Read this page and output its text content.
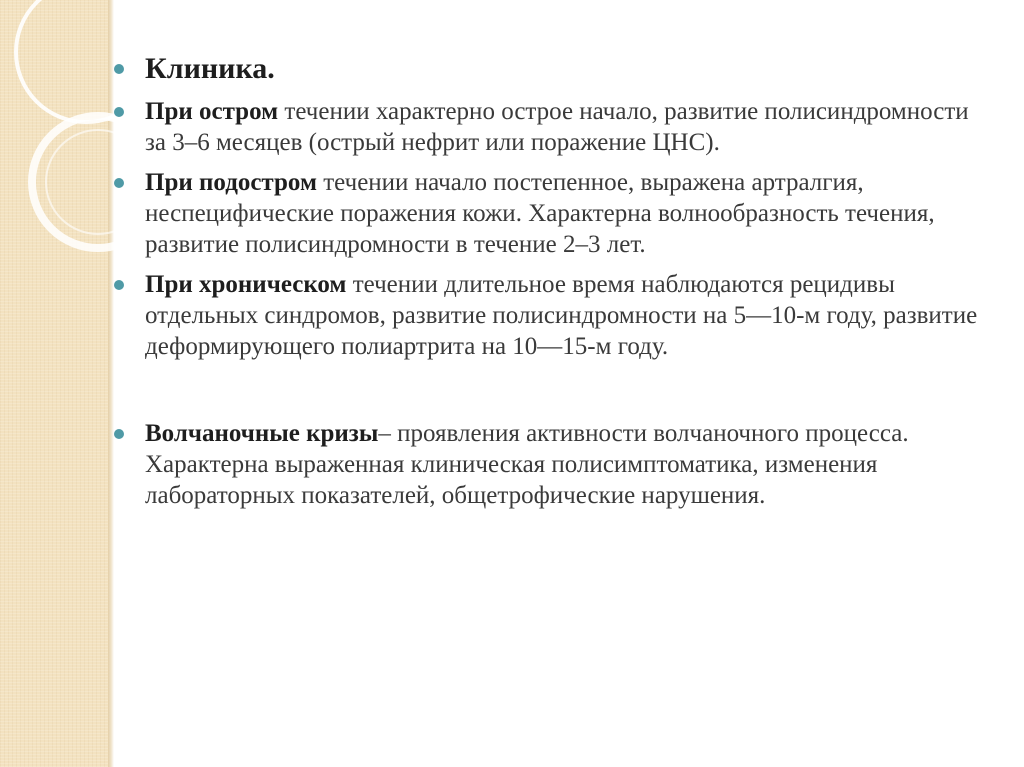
Клиника.
При остром течении характерно острое начало, развитие полисиндромности за 3–6 месяцев (острый нефрит или поражение ЦНС).
При подостром течении начало постепенное, выражена артралгия, неспецифические поражения кожи. Характерна волнообразность течения, развитие полисиндромности в течение 2–3 лет.
При хроническом течении длительное время наблюдаются рецидивы отдельных синдромов, развитие полисиндромности на 5—10-м году, развитие деформирующего полиартрита на 10—15-м году.
Волчаночные кризы– проявления активности волчаночного процесса. Характерна выраженная клиническая полисимптоматика, изменения лабораторных показателей, общетрофические нарушения.
